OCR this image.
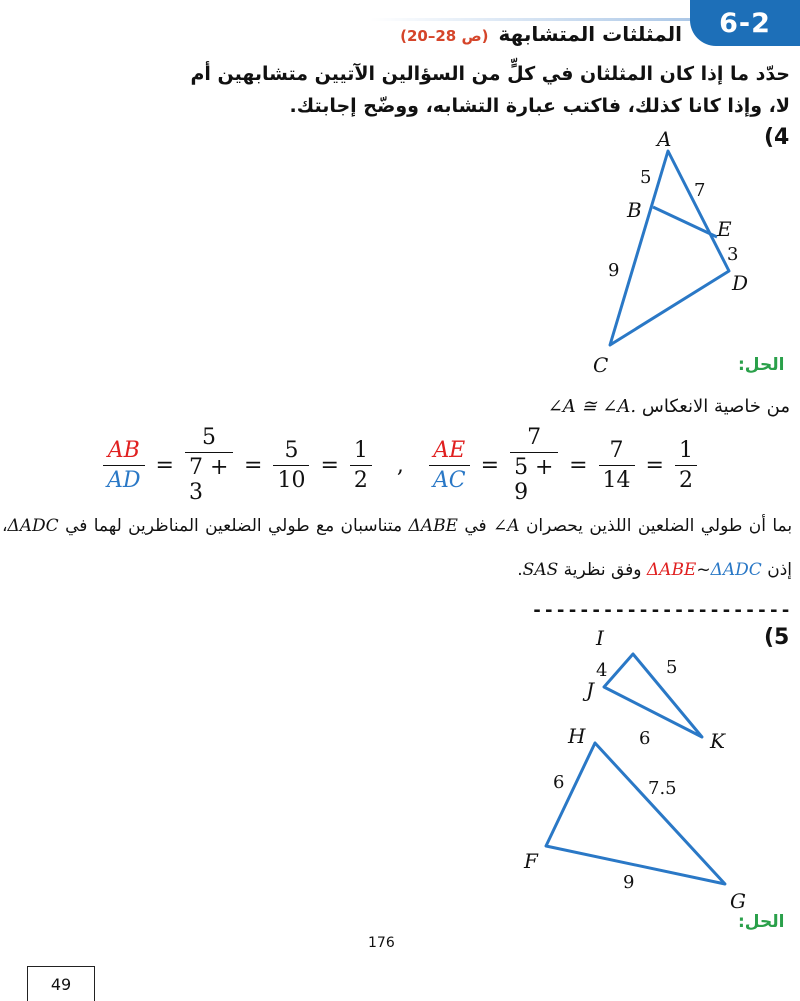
6-2
المثلثات المتشابهة
(ص 28–20)
حدّد ما إذا كان المثلثان في كلٍّ من السؤالين الآتيين متشابهين أم لا، وإذا كانا كذلك، فاكتب عبارة التشابه، ووضّح إجابتك.
(4
A
B
E
D
C
5
7
3
9
الحل:
من خاصية الانعكاس ∠A ≅ ∠A.
$\frac{AB}{AD} = \frac{5}{7 + 3} = \frac{5}{10} = \frac{1}{2}$ , $\frac{AE}{AC} = \frac{7}{5 + 9} = \frac{7}{14} = \frac{1}{2}$
بما أن طولي الضلعين اللذين يحصران ∠A في ΔABE متناسبان مع طولي الضلعين المناظرين لهما في ΔADC، إذن ΔABE~ΔADC وفق نظرية SAS.
----------------------
(5
I
J
K
H
F
G
4	5
6
6	7.5
9
الحل:
176
49
